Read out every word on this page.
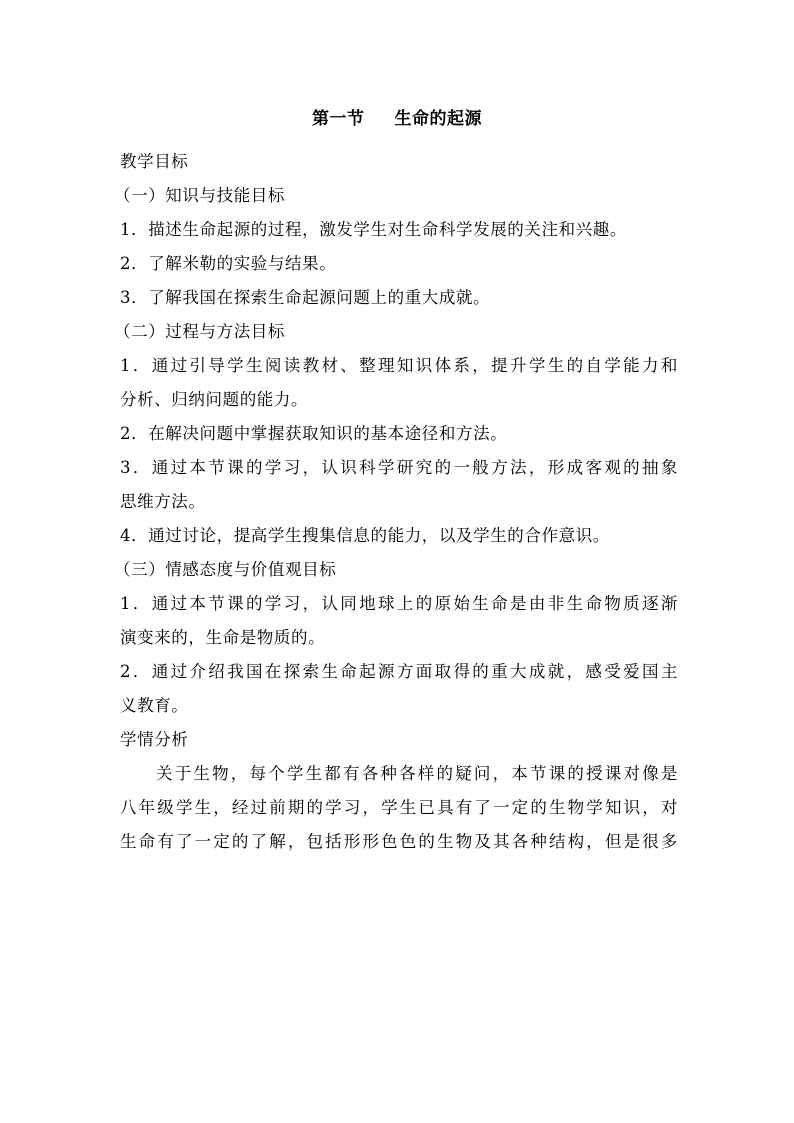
第一节 生命的起源
教学目标
（一）知识与技能目标
1．描述生命起源的过程，激发学生对生命科学发展的关注和兴趣。
2．了解米勒的实验与结果。
3．了解我国在探索生命起源问题上的重大成就。
（二）过程与方法目标
1．通过引导学生阅读教材、整理知识体系，提升学生的自学能力和
分析、归纳问题的能力。
2．在解决问题中掌握获取知识的基本途径和方法。
3．通过本节课的学习，认识科学研究的一般方法，形成客观的抽象
思维方法。
4．通过讨论，提高学生搜集信息的能力，以及学生的合作意识。
（三）情感态度与价值观目标
1．通过本节课的学习，认同地球上的原始生命是由非生命物质逐渐
演变来的，生命是物质的。
2．通过介绍我国在探索生命起源方面取得的重大成就，感受爱国主
义教育。
学情分析
关于生物，每个学生都有各种各样的疑问，本节课的授课对像是
八年级学生，经过前期的学习，学生已具有了一定的生物学知识，对
生命有了一定的了解，包括形形色色的生物及其各种结构，但是很多
